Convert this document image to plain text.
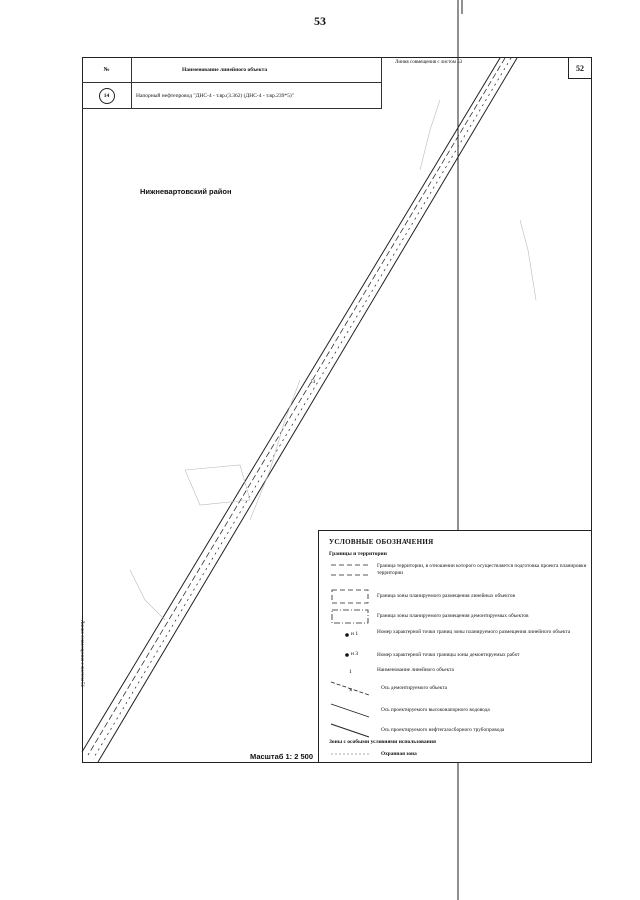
53
№	Наименование линейного объекта
14	Напорный нефтепровод "ДНС-4 - т.вр.(3.362) (ДНС-4 - т.вр.239*5)"
Линия совмещения с листом 53
52
Нижневартовский район
14
Линия совмещения с листом 51
Масштаб 1: 2 500
УСЛОВНЫЕ ОБОЗНАЧЕНИЯ
Границы и территории
Граница территории, в отношении которого осуществляется подготовка проекта планировки территории
Граница зоны планируемого размещения линейных объектов
Граница зоны планируемого размещения демонтируемых объектов
н 1	Номер характерной точки границ зоны планируемого размещения линейного объекта
н 3	Номер характерной точки границы зоны демонтируемых работ
1	Наименование линейного объекта
×	Ось демонтируемого объекта
Ось проектируемого высоконапорного водовода
Ось проектируемого нефтегазосборного трубопровода
Зоны с особыми условиями использования
Охранная зона
